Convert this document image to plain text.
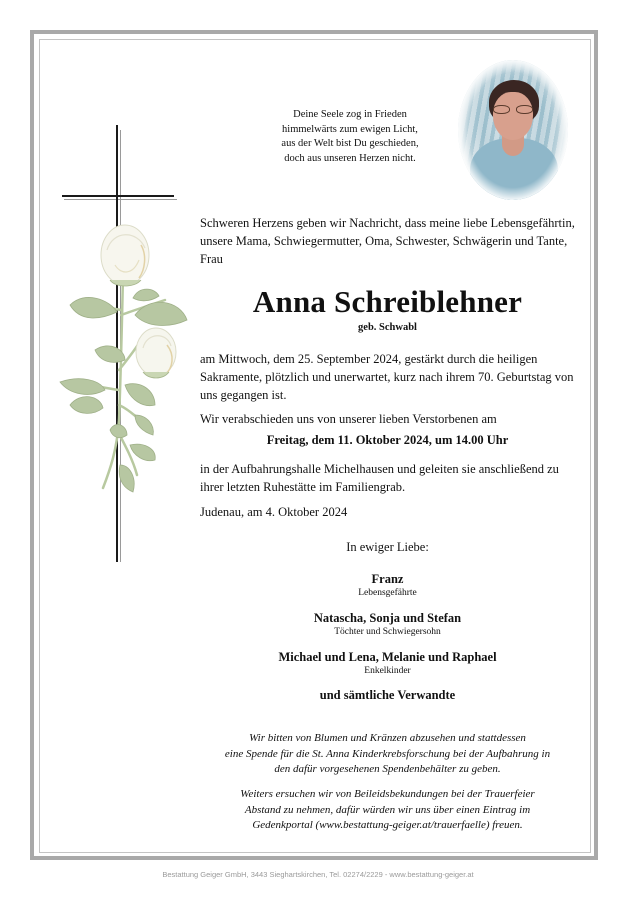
Deine Seele zog in Frieden
himmelwärts zum ewigen Licht,
aus der Welt bist Du geschieden,
doch aus unseren Herzen nicht.
Schweren Herzens geben wir Nachricht, dass meine liebe Lebensgefährtin, unsere Mama, Schwiegermutter, Oma, Schwester, Schwägerin und Tante, Frau
Anna Schreiblehner
geb. Schwabl
am Mittwoch, dem 25. September 2024, gestärkt durch die heiligen Sakramente, plötzlich und unerwartet, kurz nach ihrem 70. Geburtstag von uns gegangen ist.
Wir verabschieden uns von unserer lieben Verstorbenen am
Freitag, dem 11. Oktober 2024, um 14.00 Uhr
in der Aufbahrungshalle Michelhausen und geleiten sie anschließend zu ihrer letzten Ruhestätte im Familiengrab.
Judenau, am 4. Oktober 2024
In ewiger Liebe:
Franz
Lebensgefährte
Natascha, Sonja und Stefan
Töchter und Schwiegersohn
Michael und Lena, Melanie und Raphael
Enkelkinder
und sämtliche Verwandte
Wir bitten von Blumen und Kränzen abzusehen und stattdessen
eine Spende für die St. Anna Kinderkrebsforschung bei der Aufbahrung in
den dafür vorgesehenen Spendenbehälter zu geben.
Weiters ersuchen wir von Beileidsbekundungen bei der Trauerfeier
Abstand zu nehmen, dafür würden wir uns über einen Eintrag im
Gedenkportal (www.bestattung-geiger.at/trauerfaelle) freuen.
Bestattung Geiger GmbH, 3443 Sieghartskirchen, Tel. 02274/2229 - www.bestattung-geiger.at
